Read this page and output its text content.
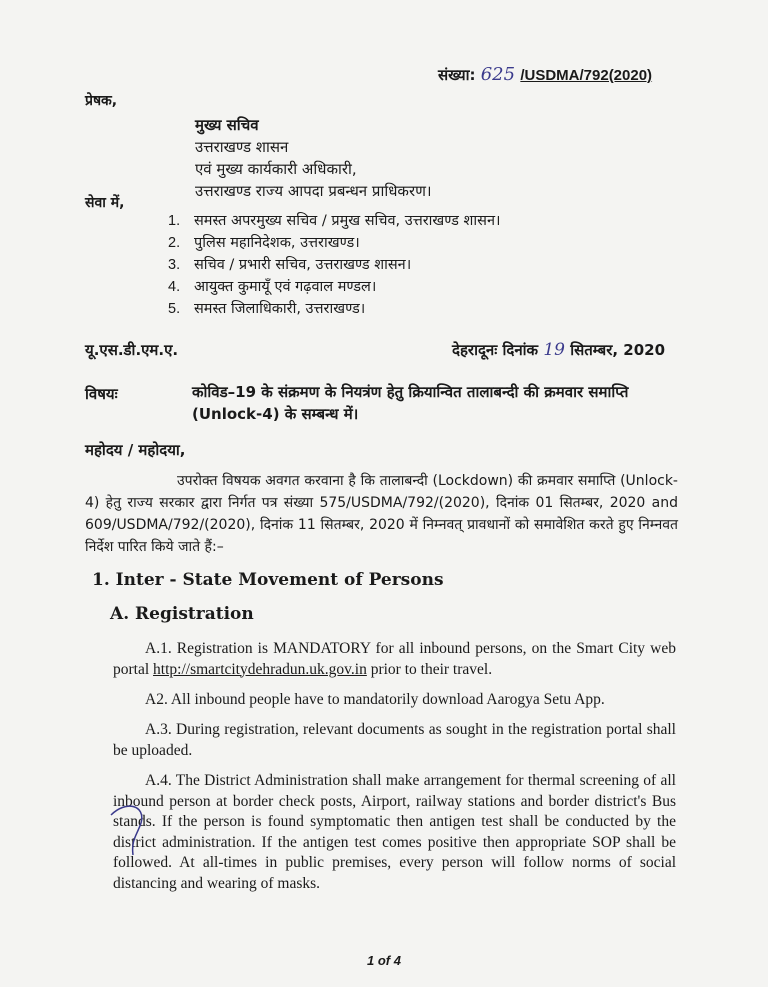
संख्या: 625 /USDMA/792(2020)
प्रेषक,
मुख्य सचिव
उत्तराखण्ड शासन
एवं मुख्य कार्यकारी अधिकारी,
उत्तराखण्ड राज्य आपदा प्रबन्धन प्राधिकरण।
सेवा में,
1. समस्त अपरमुख्य सचिव / प्रमुख सचिव, उत्तराखण्ड शासन।
2. पुलिस महानिदेशक, उत्तराखण्ड।
3. सचिव / प्रभारी सचिव, उत्तराखण्ड शासन।
4. आयुक्त कुमायूँ एवं गढ़वाल मण्डल।
5. समस्त जिलाधिकारी, उत्तराखण्ड।
यू.एस.डी.एम.ए.	देहरादूनः दिनांक 19 सितम्बर, 2020
विषयः	कोविड–19 के संक्रमण के नियत्रंण हेतु क्रियान्वित तालाबन्दी की क्रमवार समाप्ति (Unlock-4) के सम्बन्ध में।
महोदय / महोदया,
उपरोक्त विषयक अवगत करवाना है कि तालाबन्दी (Lockdown) की क्रमवार समाप्ति (Unlock-4) हेतु राज्य सरकार द्वारा निर्गत पत्र संख्या 575/USDMA/792/(2020), दिनांक 01 सितम्बर, 2020 and 609/USDMA/792/(2020), दिनांक 11 सितम्बर, 2020 में निम्नवत् प्रावधानों को समावेशित करते हुए निम्नवत निर्देश पारित किये जाते हैं:–
1. Inter - State Movement of Persons
A. Registration
A.1. Registration is MANDATORY for all inbound persons, on the Smart City web portal http://smartcitydehradun.uk.gov.in prior to their travel.
A2. All inbound people have to mandatorily download Aarogya Setu App.
A.3. During registration, relevant documents as sought in the registration portal shall be uploaded.
A.4. The District Administration shall make arrangement for thermal screening of all inbound person at border check posts, Airport, railway stations and border district's Bus stands. If the person is found symptomatic then antigen test shall be conducted by the district administration. If the antigen test comes positive then appropriate SOP shall be followed. At all-times in public premises, every person will follow norms of social distancing and wearing of masks.
1 of 4
